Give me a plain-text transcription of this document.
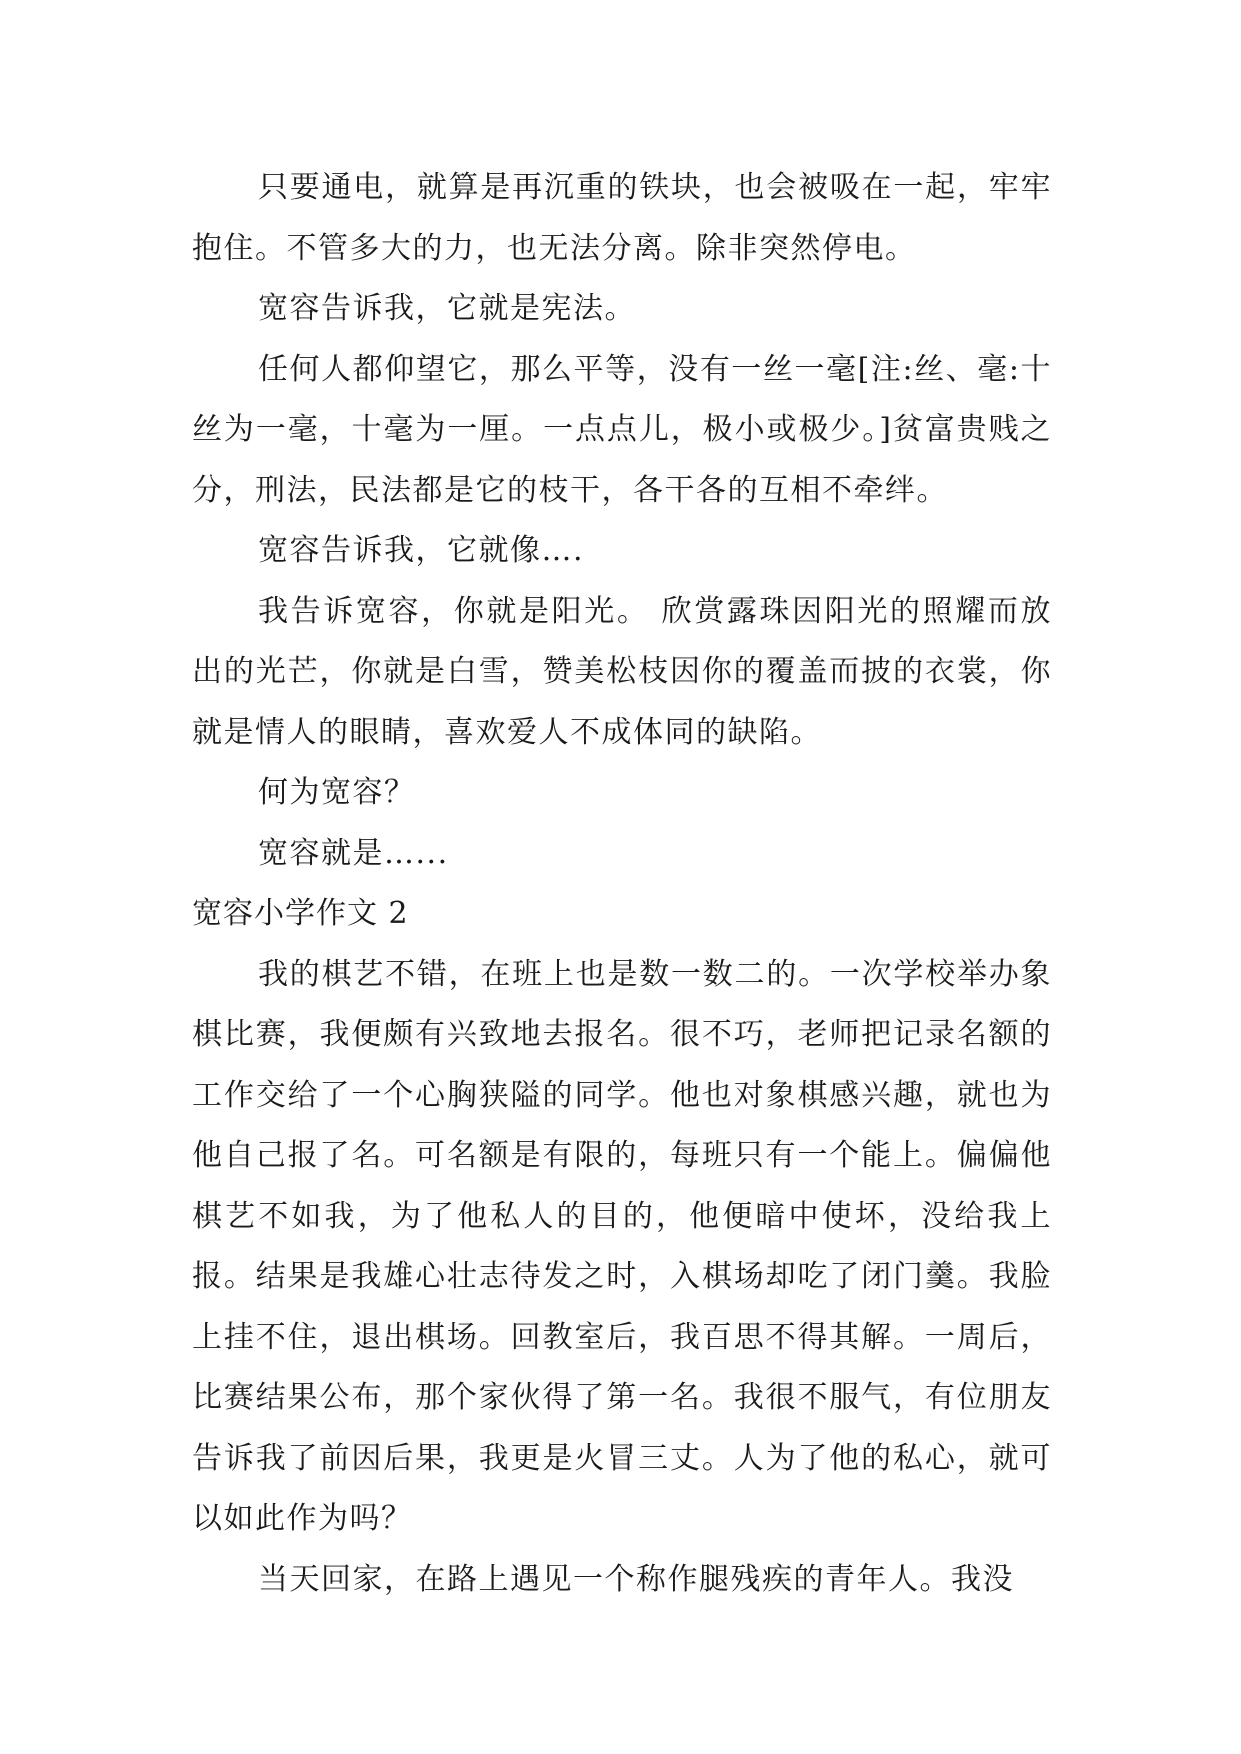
只要通电，就算是再沉重的铁块，也会被吸在一起，牢牢抱住。不管多大的力，也无法分离。除非突然停电。

宽容告诉我，它就是宪法。

任何人都仰望它，那么平等，没有一丝一毫[注:丝、毫:十丝为一毫，十毫为一厘。一点点儿，极小或极少。]贫富贵贱之分，刑法，民法都是它的枝干，各干各的互相不牵绊。

宽容告诉我，它就像….

我告诉宽容，你就是阳光。 欣赏露珠因阳光的照耀而放出的光芒，你就是白雪，赞美松枝因你的覆盖而披的衣裳，你就是情人的眼睛，喜欢爱人不成体同的缺陷。

何为宽容？

宽容就是…...

宽容小学作文 2

我的棋艺不错，在班上也是数一数二的。一次学校举办象棋比赛，我便颇有兴致地去报名。很不巧，老师把记录名额的工作交给了一个心胸狭隘的同学。他也对象棋感兴趣，就也为他自己报了名。可名额是有限的，每班只有一个能上。偏偏他棋艺不如我，为了他私人的目的，他便暗中使坏，没给我上报。结果是我雄心壮志待发之时，入棋场却吃了闭门羹。我脸上挂不住，退出棋场。回教室后，我百思不得其解。一周后，比赛结果公布，那个家伙得了第一名。我很不服气，有位朋友告诉我了前因后果，我更是火冒三丈。人为了他的私心，就可以如此作为吗？

当天回家，在路上遇见一个称作腿残疾的青年人。我没
